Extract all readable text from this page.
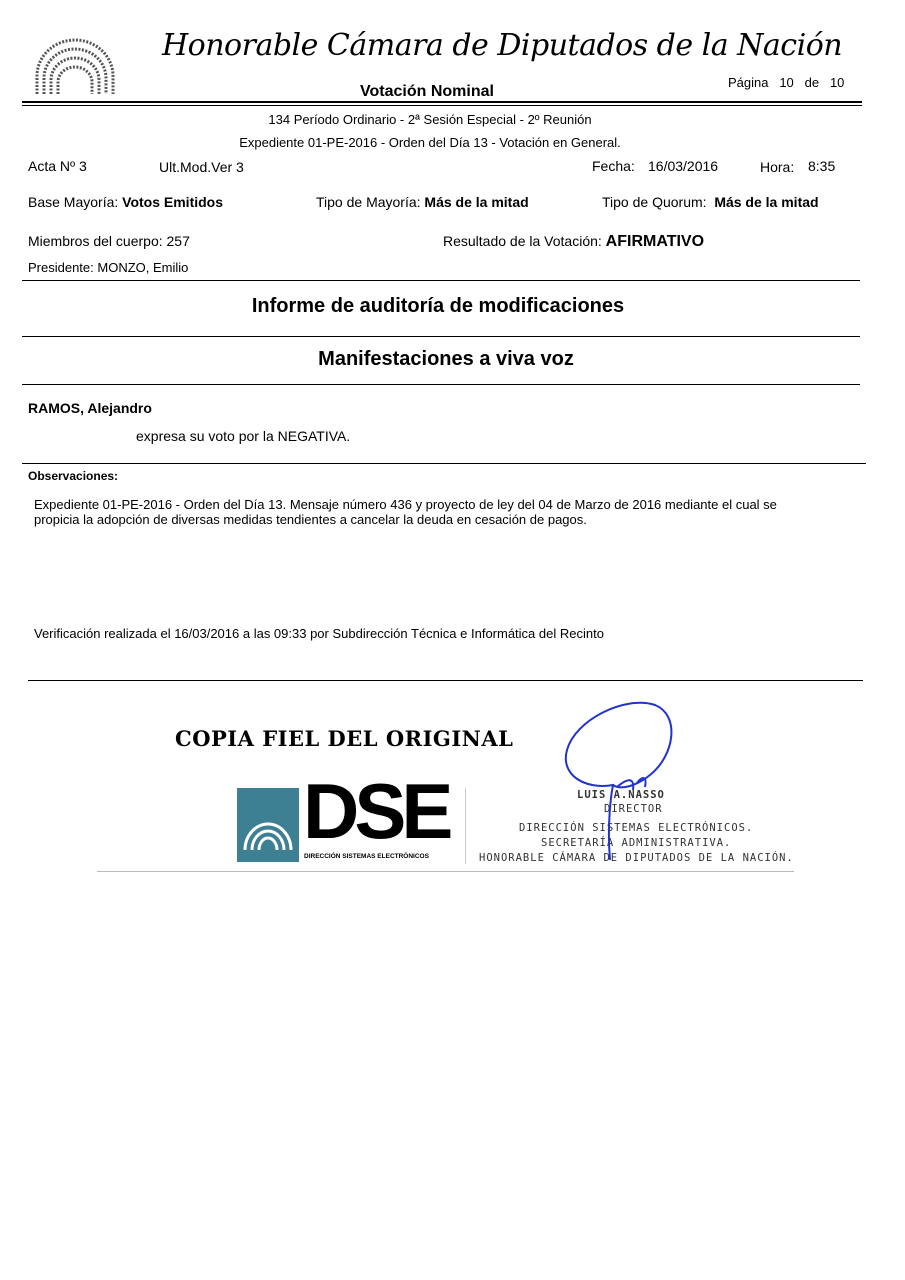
Honorable Cámara de Diputados de la Nación
Votación Nominal
Página 10 de 10
134 Período Ordinario - 2ª Sesión Especial - 2º Reunión
Expediente 01-PE-2016 - Orden del Día 13 - Votación en General.
Acta Nº 3	Ult.Mod.Ver 3	Fecha: 16/03/2016	Hora: 8:35
Base Mayoría: Votos Emitidos	Tipo de Mayoría: Más de la mitad	Tipo de Quorum: Más de la mitad
Miembros del cuerpo: 257	Resultado de la Votación: AFIRMATIVO
Presidente: MONZO, Emilio
Informe de auditoría de modificaciones
Manifestaciones a viva voz
RAMOS, Alejandro
expresa su voto por la NEGATIVA.
Observaciones:
Expediente 01-PE-2016 - Orden del Día 13. Mensaje número 436 y proyecto de ley del 04 de Marzo de 2016 mediante el cual se
propicia la adopción de diversas medidas tendientes a cancelar la deuda en cesación de pagos.
Verificación realizada el 16/03/2016 a las 09:33 por Subdirección Técnica e Informática del Recinto
COPIA FIEL DEL ORIGINAL
DSE
DIRECCIÓN SISTEMAS ELECTRÓNICOS
LUIS A.NASSO
DIRECTOR
DIRECCIÓN SISTEMAS ELECTRÓNICOS.
SECRETARÍA ADMINISTRATIVA.
HONORABLE CÁMARA DE DIPUTADOS DE LA NACIÓN.
